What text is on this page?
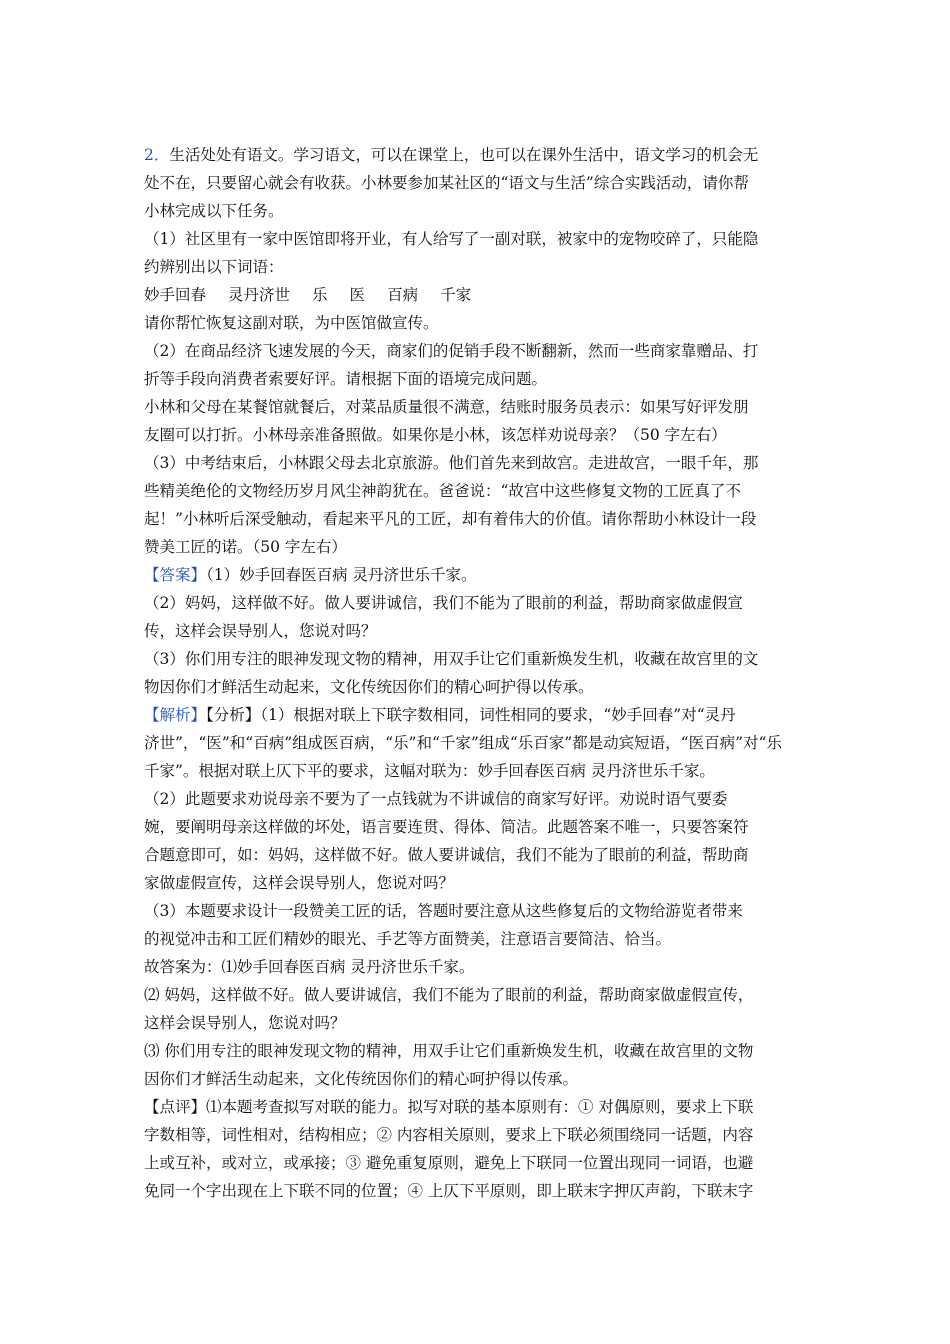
2．生活处处有语文。学习语文，可以在课堂上，也可以在课外生活中，语文学习的机会无
处不在，只要留心就会有收获。小林要参加某社区的“语文与生活”综合实践活动，请你帮
小林完成以下任务。
（1）社区里有一家中医馆即将开业，有人给写了一副对联，被家中的宠物咬碎了，只能隐
约辨别出以下词语：
妙手回春 灵丹济世 乐 医 百病 千家
请你帮忙恢复这副对联，为中医馆做宣传。
（2）在商品经济飞速发展的今天，商家们的促销手段不断翻新，然而一些商家靠赠品、打
折等手段向消费者索要好评。请根据下面的语境完成问题。
小林和父母在某餐馆就餐后，对菜品质量很不满意，结账时服务员表示：如果写好评发朋
友圈可以打折。小林母亲准备照做。如果你是小林，该怎样劝说母亲？（50 字左右）
（3）中考结束后，小林跟父母去北京旅游。他们首先来到故宫。走进故宫，一眼千年，那
些精美绝伦的文物经历岁月风尘神韵犹在。爸爸说：“故宫中这些修复文物的工匠真了不
起！”小林听后深受触动，看起来平凡的工匠，却有着伟大的价值。请你帮助小林设计一段
赞美工匠的诺。（50 字左右）
【答案】（1）妙手回春医百病 灵丹济世乐千家。
（2）妈妈，这样做不好。做人要讲诚信，我们不能为了眼前的利益，帮助商家做虚假宣
传，这样会误导别人，您说对吗？
（3）你们用专注的眼神发现文物的精神，用双手让它们重新焕发生机，收藏在故宫里的文
物因你们才鲜活生动起来，文化传统因你们的精心呵护得以传承。
【解析】【分析】（1）根据对联上下联字数相同，词性相同的要求，“妙手回春”对“灵丹
济世”，“医”和“百病”组成医百病，“乐”和“千家”组成“乐百家”都是动宾短语，“医百病”对“乐
千家”。根据对联上仄下平的要求，这幅对联为：妙手回春医百病 灵丹济世乐千家。
（2）此题要求劝说母亲不要为了一点钱就为不讲诚信的商家写好评。劝说时语气要委
婉，要阐明母亲这样做的坏处，语言要连贯、得体、简洁。此题答案不唯一，只要答案符
合题意即可，如：妈妈，这样做不好。做人要讲诚信，我们不能为了眼前的利益，帮助商
家做虚假宣传，这样会误导别人，您说对吗？
（3）本题要求设计一段赞美工匠的话，答题时要注意从这些修复后的文物给游览者带来
的视觉冲击和工匠们精妙的眼光、手艺等方面赞美，注意语言要简洁、恰当。
故答案为：⑴妙手回春医百病 灵丹济世乐千家。
⑵ 妈妈，这样做不好。做人要讲诚信，我们不能为了眼前的利益，帮助商家做虚假宣传，
这样会误导别人，您说对吗？
⑶ 你们用专注的眼神发现文物的精神，用双手让它们重新焕发生机，收藏在故宫里的文物
因你们才鲜活生动起来，文化传统因你们的精心呵护得以传承。
【点评】⑴本题考查拟写对联的能力。拟写对联的基本原则有：① 对偶原则，要求上下联
字数相等，词性相对，结构相应；② 内容相关原则，要求上下联必须围绕同一话题，内容
上或互补，或对立，或承接；③ 避免重复原则，避免上下联同一位置出现同一词语，也避
免同一个字出现在上下联不同的位置；④ 上仄下平原则，即上联末字押仄声韵，下联末字
